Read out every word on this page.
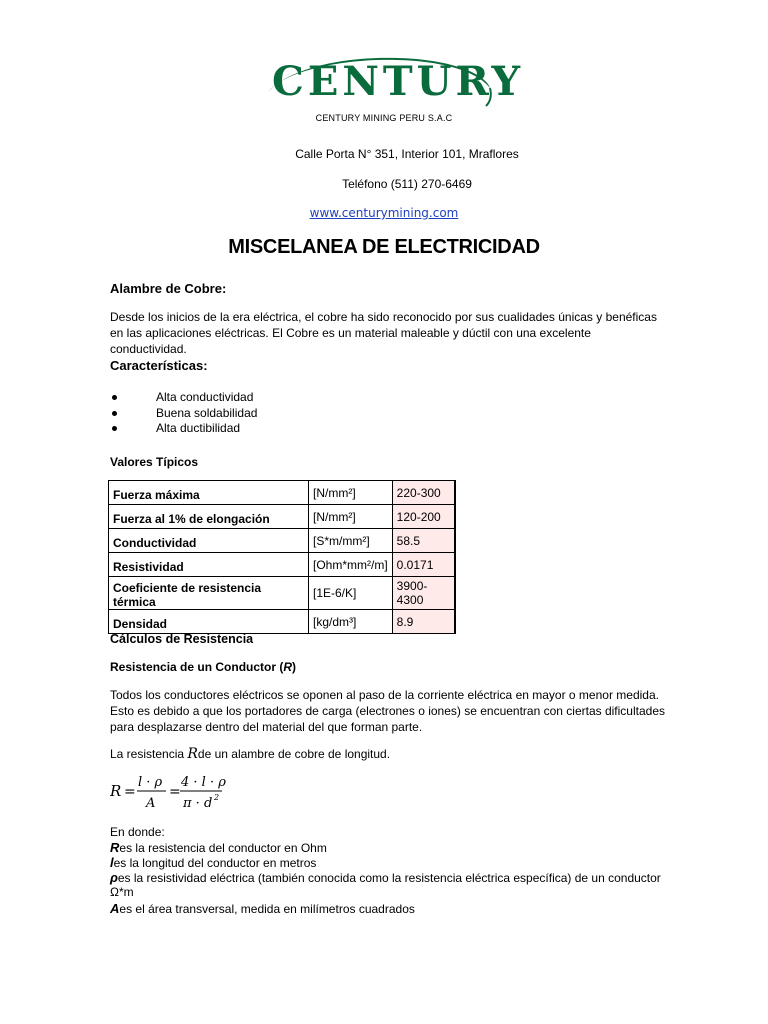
CENTURY
CENTURY MINING PERU S.A.C
Calle Porta N° 351, Interior 101, Mraflores
Teléfono (511) 270-6469
www.centurymining.com
MISCELANEA DE ELECTRICIDAD
Alambre de Cobre:
Desde los inicios de la era eléctrica, el cobre ha sido reconocido por sus cualidades únicas y benéficas en las aplicaciones eléctricas. El Cobre es un material maleable y dúctil con una excelente conductividad.
Características:
Alta conductividad
Buena soldabilidad
Alta ductibilidad
Valores Típicos
Fuerza máxima	[N/mm²]	220-300
Fuerza al 1% de elongación	[N/mm²]	120-200
Conductividad	[S*m/mm²]	58.5
Resistividad	[Ohm*mm²/m]	0.0171
Coeficiente de resistencia térmica	[1E-6/K]	3900-4300
Densidad	[kg/dm³]	8.9
Cálculos de Resistencia
Resistencia de un Conductor (R)
Todos los conductores eléctricos se oponen al paso de la corriente eléctrica en mayor o menor medida. Esto es debido a que los portadores de carga (electrones o iones) se encuentran con ciertas dificultades para desplazarse dentro del material del que forman parte.
La resistencia Rde un alambre de cobre de longitud.
R =
l · ρ
A
=
4 · l · ρ
π · d 2
En donde:
Res la resistencia del conductor en Ohm
les la longitud del conductor en metros
ρes la resistividad eléctrica (también conocida como la resistencia eléctrica específica) de un conductor
Ω*m
Aes el área transversal, medida en milímetros cuadrados
